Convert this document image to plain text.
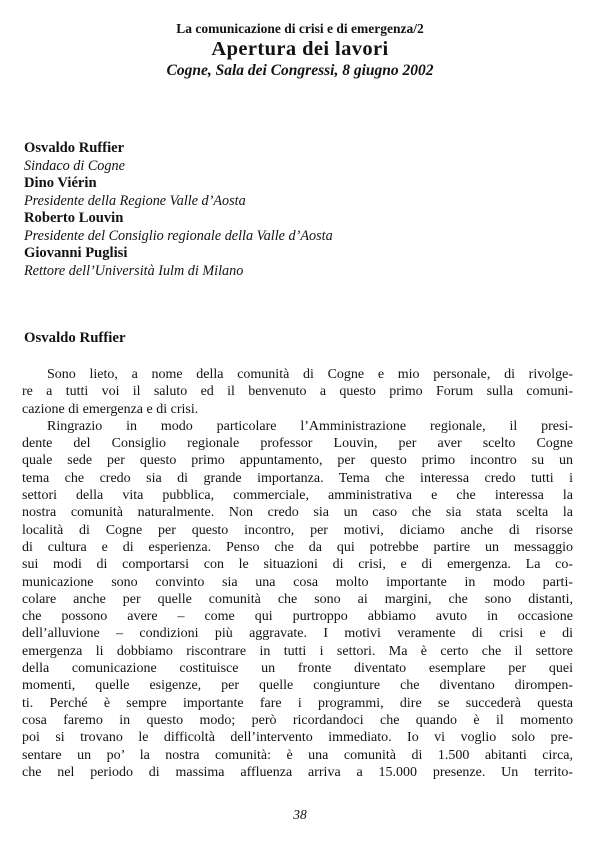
La comunicazione di crisi e di emergenza/2
Apertura dei lavori
Cogne, Sala dei Congressi, 8 giugno 2002
Osvaldo Ruffier
Sindaco di Cogne
Dino Viérin
Presidente della Regione Valle d’Aosta
Roberto Louvin
Presidente del Consiglio regionale della Valle d’Aosta
Giovanni Puglisi
Rettore dell’Università Iulm di Milano
Osvaldo Ruffier
Sono lieto, a nome della comunità di Cogne e mio personale, di rivolge-
re a tutti voi il saluto ed il benvenuto a questo primo Forum sulla comuni-
cazione di emergenza e di crisi.
Ringrazio in modo particolare l’Amministrazione regionale, il presi-
dente del Consiglio regionale professor Louvin, per aver scelto Cogne
quale sede per questo primo appuntamento, per questo primo incontro su un
tema che credo sia di grande importanza. Tema che interessa credo tutti i
settori della vita pubblica, commerciale, amministrativa e che interessa la
nostra comunità naturalmente. Non credo sia un caso che sia stata scelta la
località di Cogne per questo incontro, per motivi, diciamo anche di risorse
di cultura e di esperienza. Penso che da qui potrebbe partire un messaggio
sui modi di comportarsi con le situazioni di crisi, e di emergenza. La co-
municazione sono convinto sia una cosa molto importante in modo parti-
colare anche per quelle comunità che sono ai margini, che sono distanti,
che possono avere – come qui purtroppo abbiamo avuto in occasione
dell’alluvione – condizioni più aggravate. I motivi veramente di crisi e di
emergenza li dobbiamo riscontrare in tutti i settori. Ma è certo che il settore
della comunicazione costituisce un fronte diventato esemplare per quei
momenti, quelle esigenze, per quelle congiunture che diventano dirompen-
ti. Perché è sempre importante fare i programmi, dire se succederà questa
cosa faremo in questo modo; però ricordandoci che quando è il momento
poi si trovano le difficoltà dell’intervento immediato. Io vi voglio solo pre-
sentare un po’ la nostra comunità: è una comunità di 1.500 abitanti circa,
che nel periodo di massima affluenza arriva a 15.000 presenze. Un territo-
38
